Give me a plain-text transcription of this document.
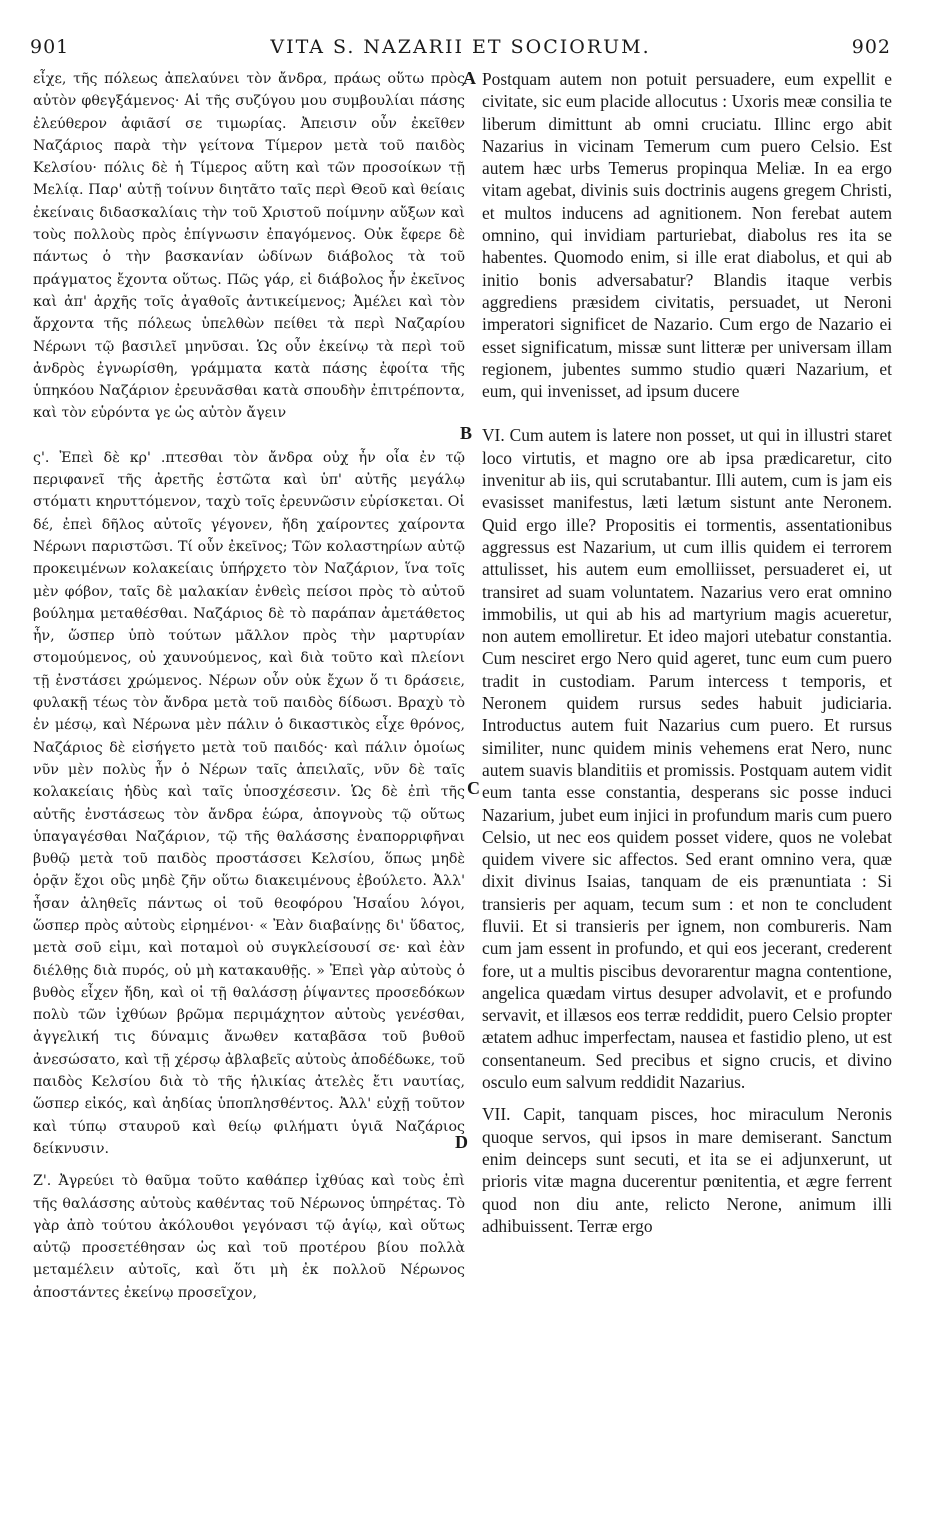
901	VITA S. NAZARII ET SOCIORUM.	902

εἶχε, τῆς πόλεως ἀπελαύνει τὸν ἄνδρα, πράως οὕτω πρὸς αὐτὸν φθεγξάμενος· Αἱ τῆς συζύγου μου συμβουλίαι πάσης ἐλεύθερον ἀφιᾶσί σε τιμωρίας. Ἀπεισιν οὖν ἐκεῖθεν Ναζάριος παρὰ τὴν γείτονα Τίμερον μετὰ τοῦ παιδὸς Κελσίου· πόλις δὲ ἡ Τίμερος αὕτη καὶ τῶν προσοίκων τῇ Μελίᾳ. Παρ' αὐτῇ τοίνυν διητᾶτο ταῖς περὶ Θεοῦ καὶ θείαις ἐκείναις διδασκαλίαις τὴν τοῦ Χριστοῦ ποίμνην αὔξων καὶ τοὺς πολλοὺς πρὸς ἐπίγνωσιν ἐπαγόμενος. Οὐκ ἔφερε δὲ πάντως ὁ τὴν βασκανίαν ὠδίνων διάβολος τὰ τοῦ πράγματος ἔχοντα οὕτως. Πῶς γάρ, εἰ διάβολος ἦν ἐκεῖνος καὶ ἀπ' ἀρχῆς τοῖς ἀγαθοῖς ἀντικείμενος; Ἀμέλει καὶ τὸν ἄρχοντα τῆς πόλεως ὑπελθὼν πείθει τὰ περὶ Ναζαρίου Νέρωνι τῷ βασιλεῖ μηνῦσαι. Ὡς οὖν ἐκείνῳ τὰ περὶ τοῦ ἀνδρὸς ἐγνωρίσθη, γράμματα κατὰ πάσης ἐφοίτα τῆς ὑπηκόου Ναζάριον ἐρευνᾶσθαι κατὰ σπουδὴν ἐπιτρέποντα, καὶ τὸν εὑρόντα γε ὡς αὐτὸν ἄγειν

ς'. Ἐπεὶ δὲ κρ' .πτεσθαι τὸν ἄνδρα οὐχ ἦν οἷα ἐν τῷ περιφανεῖ τῆς ἀρετῆς ἑστῶτα καὶ ὑπ' αὐτῆς μεγάλῳ στόματι κηρυττόμενον, ταχὺ τοῖς ἐρευνῶσιν εὑρίσκεται. Οἱ δέ, ἐπεὶ δῆλος αὐτοῖς γέγονεν, ἤδη χαίροντες χαίροντα Νέρωνι παριστῶσι. Τί οὖν ἐκεῖνος; Τῶν κολαστηρίων αὐτῷ προκειμένων κολακείαις ὑπήρχετο τὸν Ναζάριον, ἵνα τοῖς μὲν φόβον, ταῖς δὲ μαλακίαν ἐνθεὶς πείσοι πρὸς τὸ αὐτοῦ βούλημα μεταθέσθαι. Ναζάριος δὲ τὸ παράπαν ἀμετάθετος ἦν, ὥσπερ ὑπὸ τούτων μᾶλλον πρὸς τὴν μαρτυρίαν στομούμενος, οὐ χαυνούμενος, καὶ διὰ τοῦτο καὶ πλείονι τῇ ἐνστάσει χρώμενος. Νέρων οὖν οὐκ ἔχων ὅ τι δράσειε, φυλακῇ τέως τὸν ἄνδρα μετὰ τοῦ παιδὸς δίδωσι. Βραχὺ τὸ ἐν μέσῳ, καὶ Νέρωνα μὲν πάλιν ὁ δικαστικὸς εἶχε θρόνος, Ναζάριος δὲ εἰσήγετο μετὰ τοῦ παιδός· καὶ πάλιν ὁμοίως νῦν μὲν πολὺς ἦν ὁ Νέρων ταῖς ἀπειλαῖς, νῦν δὲ ταῖς κολακείαις ἡδὺς καὶ ταῖς ὑποσχέσεσιν. Ὡς δὲ ἐπὶ τῆς αὐτῆς ἐνστάσεως τὸν ἄνδρα ἑώρα, ἀπογνοὺς τῷ οὕτως ὑπαγαγέσθαι Ναζάριον, τῷ τῆς θαλάσσης ἐναπορριφῆναι βυθῷ μετὰ τοῦ παιδὸς προστάσσει Κελσίου, ὅπως μηδὲ ὁρᾷν ἔχοι οὓς μηδὲ ζῆν οὕτω διακειμένους ἐβούλετο. Ἀλλ' ἦσαν ἀληθεῖς πάντως οἱ τοῦ θεοφόρου Ἡσαΐου λόγοι, ὥσπερ πρὸς αὐτοὺς εἰρημένοι· « Ἐὰν διαβαίνῃς δι' ὕδατος, μετὰ σοῦ εἰμι, καὶ ποταμοὶ οὐ συγκλείσουσί σε· καὶ ἐὰν διέλθῃς διὰ πυρός, οὐ μὴ κατακαυθῇς. » Ἐπεὶ γὰρ αὐτοὺς ὁ βυθὸς εἶχεν ἤδη, καὶ οἱ τῇ θαλάσσῃ ῥίψαντες προσεδόκων πολὺ τῶν ἰχθύων βρῶμα περιμάχητον αὐτοὺς γενέσθαι, ἀγγελική τις δύναμις ἄνωθεν καταβᾶσα τοῦ βυθοῦ ἀνεσώσατο, καὶ τῇ χέρσῳ ἀβλαβεῖς αὐτοὺς ἀποδέδωκε, τοῦ παιδὸς Κελσίου διὰ τὸ τῆς ἡλικίας ἀτελὲς ἔτι ναυτίας, ὥσπερ εἰκός, καὶ ἀηδίας ὑποπλησθέντος. Ἀλλ' εὐχῇ τοῦτον καὶ τύπῳ σταυροῦ καὶ θείῳ φιλήματι ὑγιᾶ Ναζάριος δείκνυσιν.

Ζ'. Ἀγρεύει τὸ θαῦμα τοῦτο καθάπερ ἰχθύας καὶ τοὺς ἐπὶ τῆς θαλάσσης αὐτοὺς καθέντας τοῦ Νέρωνος ὑπηρέτας. Τὸ γὰρ ἀπὸ τούτου ἀκόλουθοι γεγόνασι τῷ ἁγίῳ, καὶ οὕτως αὐτῷ προσετέθησαν ὡς καὶ τοῦ προτέρου βίου πολλὰ μεταμέλειν αὐτοῖς, καὶ ὅτι μὴ ἐκ πολλοῦ Νέρωνος ἀποστάντες ἐκείνῳ προσεῖχον,

Postquam autem non potuit persuadere, eum expellit e civitate, sic eum placide allocutus : Uxoris meæ consilia te liberum dimittunt ab omni cruciatu. Illinc ergo abit Nazarius in vicinam Temerum cum puero Celsio. Est autem hæc urbs Temerus propinqua Meliæ. In ea ergo vitam agebat, divinis suis doctrinis augens gregem Christi, et multos inducens ad agnitionem. Non ferebat autem omnino, qui invidiam parturiebat, diabolus res ita se habentes. Quomodo enim, si ille erat diabolus, et qui ab initio bonis adversabatur? Blandis itaque verbis aggrediens præsidem civitatis, persuadet, ut Neroni imperatori significet de Nazario. Cum ergo de Nazario ei esset significatum, missæ sunt litteræ per universam illam regionem, jubentes summo studio quæri Nazarium, et eum, qui invenisset, ad ipsum ducere

VI. Cum autem is latere non posset, ut qui in illustri staret loco virtutis, et magno ore ab ipsa prædicaretur, cito invenitur ab iis, qui scrutabantur. Illi autem, cum is jam eis evasisset manifestus, læti lætum sistunt ante Neronem. Quid ergo ille? Propositis ei tormentis, assentationibus aggressus est Nazarium, ut cum illis quidem ei terrorem attulisset, his autem eum emolliisset, persuaderet ei, ut transiret ad suam voluntatem. Nazarius vero erat omnino immobilis, ut qui ab his ad martyrium magis acueretur, non autem emolliretur. Et ideo majori utebatur constantia. Cum nesciret ergo Nero quid ageret, tunc eum cum puero tradit in custodiam. Parum intercess t temporis, et Neronem quidem rursus sedes habuit judiciaria. Introductus autem fuit Nazarius cum puero. Et rursus similiter, nunc quidem minis vehemens erat Nero, nunc autem suavis blanditiis et promissis. Postquam autem vidit eum tanta esse constantia, desperans sic posse induci Nazarium, jubet eum injici in profundum maris cum puero Celsio, ut nec eos quidem posset videre, quos ne volebat quidem vivere sic affectos. Sed erant omnino vera, quæ dixit divinus Isaias, tanquam de eis prænuntiata : Si transieris per aquam, tecum sum : et non te concludent fluvii. Et si transieris per ignem, non combureris. Nam cum jam essent in profundo, et qui eos jecerant, crederent fore, ut a multis piscibus devorarentur magna contentione, angelica quædam virtus desuper advolavit, et e profundo servavit, et illæsos eos terræ reddidit, puero Celsio propter ætatem adhuc imperfectam, nausea et fastidio pleno, ut est consentaneum. Sed precibus et signo crucis, et divino osculo eum salvum reddidit Nazarius.

VII. Capit, tanquam pisces, hoc miraculum Neronis quoque servos, qui ipsos in mare demiserant. Sanctum enim deinceps sunt secuti, et ita se ei adjunxerunt, ut prioris vitæ magna ducerentur pœnitentia, et ægre ferrent quod non diu ante, relicto Nerone, animum illi adhibuissent. Terræ ergo

A
B
C
D
